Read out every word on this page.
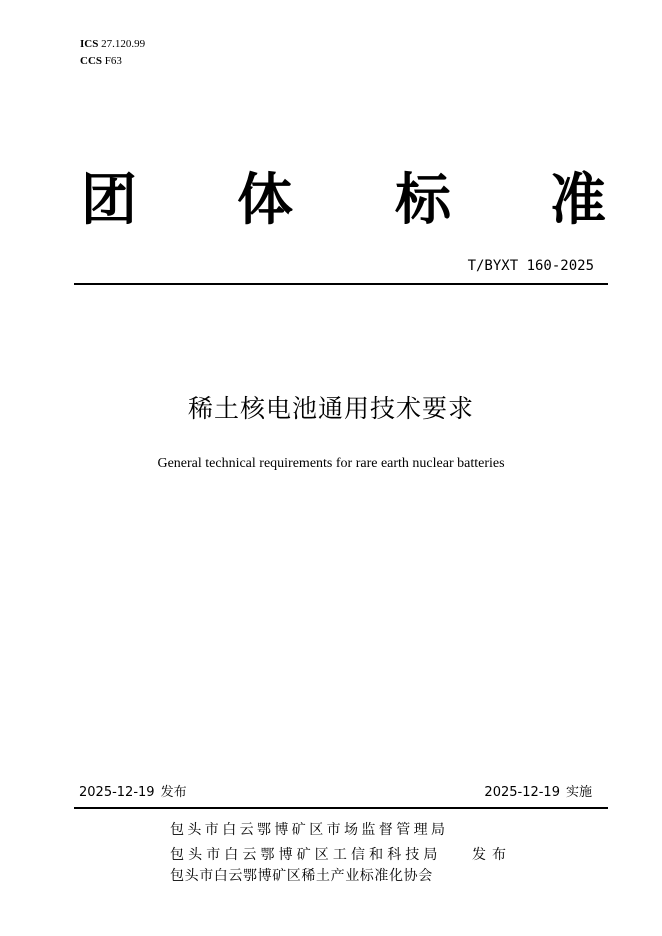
ICS 27.120.99
CCS F63
团 体 标 准
T/BYXT 160-2025
稀土核电池通用技术要求
General technical requirements for rare earth nuclear batteries
2025-12-19 发布	2025-12-19 实施
包头市白云鄂博矿区市场监督管理局
包头市白云鄂博矿区工信和科技局 发布
包头市白云鄂博矿区稀土产业标准化协会
